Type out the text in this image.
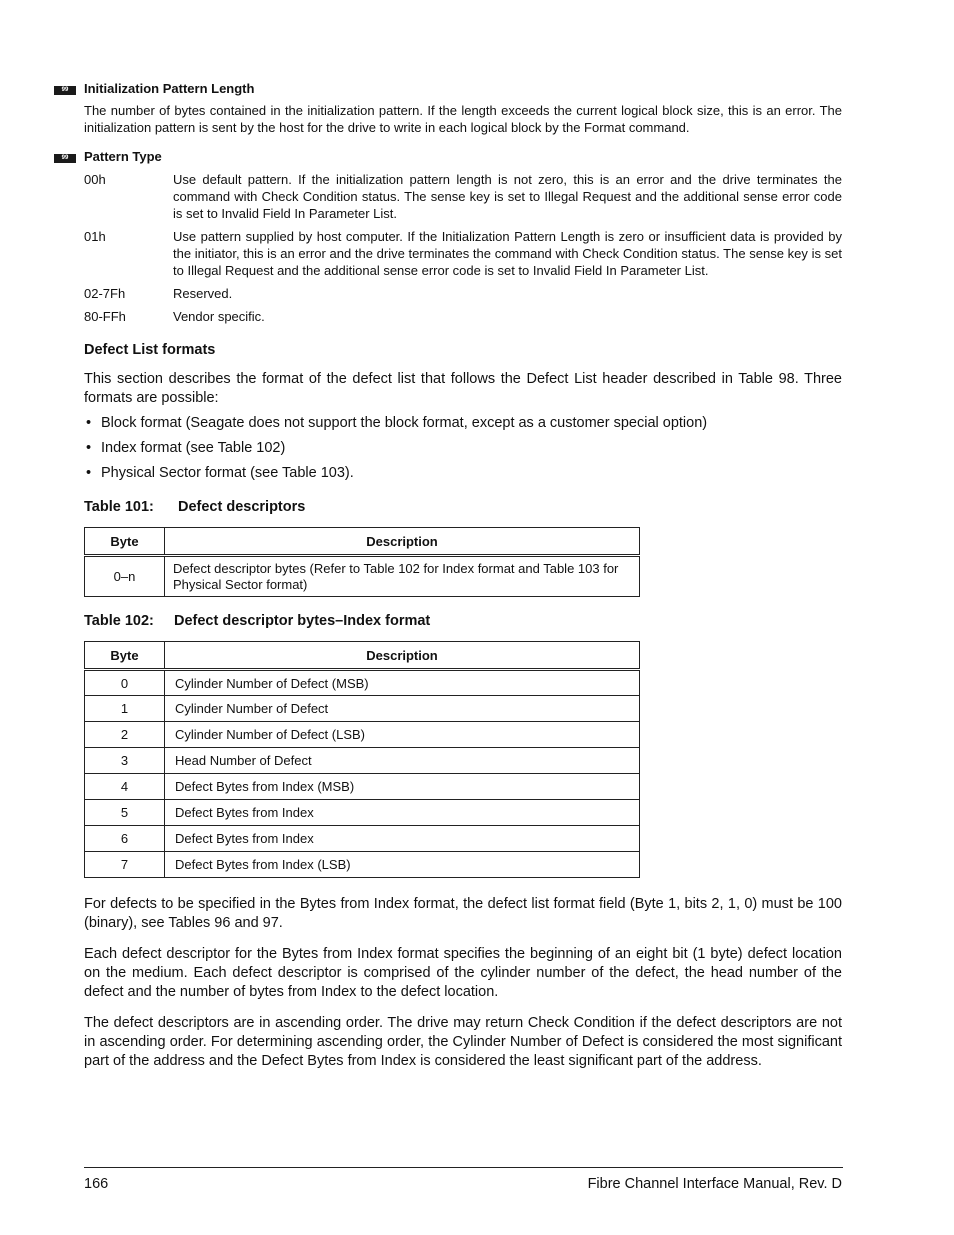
99	Initialization Pattern Length

The number of bytes contained in the initialization pattern. If the length exceeds the current logical block size, this is an error. The initialization pattern is sent by the host for the drive to write in each logical block by the Format command.

99	Pattern Type

00h	Use default pattern. If the initialization pattern length is not zero, this is an error and the drive terminates the command with Check Condition status. The sense key is set to Illegal Request and the additional sense error code is set to Invalid Field In Parameter List.
01h	Use pattern supplied by host computer. If the Initialization Pattern Length is zero or insufficient data is provided by the initiator, this is an error and the drive terminates the command with Check Condition status. The sense key is set to Illegal Request and the additional sense error code is set to Invalid Field In Parameter List.
02-7Fh	Reserved.
80-FFh	Vendor specific.

Defect List formats

This section describes the format of the defect list that follows the Defect List header described in Table 98. Three formats are possible:

• Block format (Seagate does not support the block format, except as a customer special option)
• Index format (see Table 102)
• Physical Sector format (see Table 103).

Table 101: Defect descriptors

Byte	Description
0–n	Defect descriptor bytes (Refer to Table 102 for Index format and Table 103 for Physical Sector format)

Table 102: Defect descriptor bytes–Index format

Byte	Description
0	Cylinder Number of Defect (MSB)
1	Cylinder Number of Defect
2	Cylinder Number of Defect (LSB)
3	Head Number of Defect
4	Defect Bytes from Index (MSB)
5	Defect Bytes from Index
6	Defect Bytes from Index
7	Defect Bytes from Index (LSB)

For defects to be specified in the Bytes from Index format, the defect list format field (Byte 1, bits 2, 1, 0) must be 100 (binary), see Tables 96 and 97.

Each defect descriptor for the Bytes from Index format specifies the beginning of an eight bit (1 byte) defect location on the medium. Each defect descriptor is comprised of the cylinder number of the defect, the head number of the defect and the number of bytes from Index to the defect location.

The defect descriptors are in ascending order. The drive may return Check Condition if the defect descriptors are not in ascending order. For determining ascending order, the Cylinder Number of Defect is considered the most significant part of the address and the Defect Bytes from Index is considered the least significant part of the address.

166	Fibre Channel Interface Manual, Rev. D
